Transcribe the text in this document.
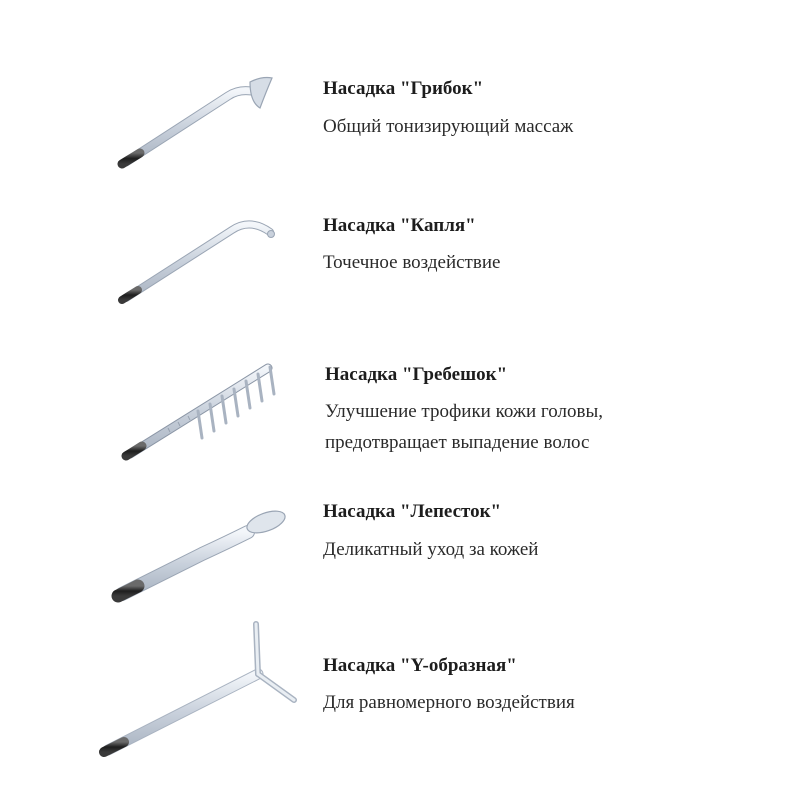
Насадка "Грибок"

Общий тонизирующий массаж

Насадка "Капля"

Точечное воздействие

Насадка "Гребешок"

Улучшение трофики кожи головы,
предотвращает выпадение волос

Насадка "Лепесток"

Деликатный уход за кожей

Насадка "Y-образная"

Для равномерного воздействия
